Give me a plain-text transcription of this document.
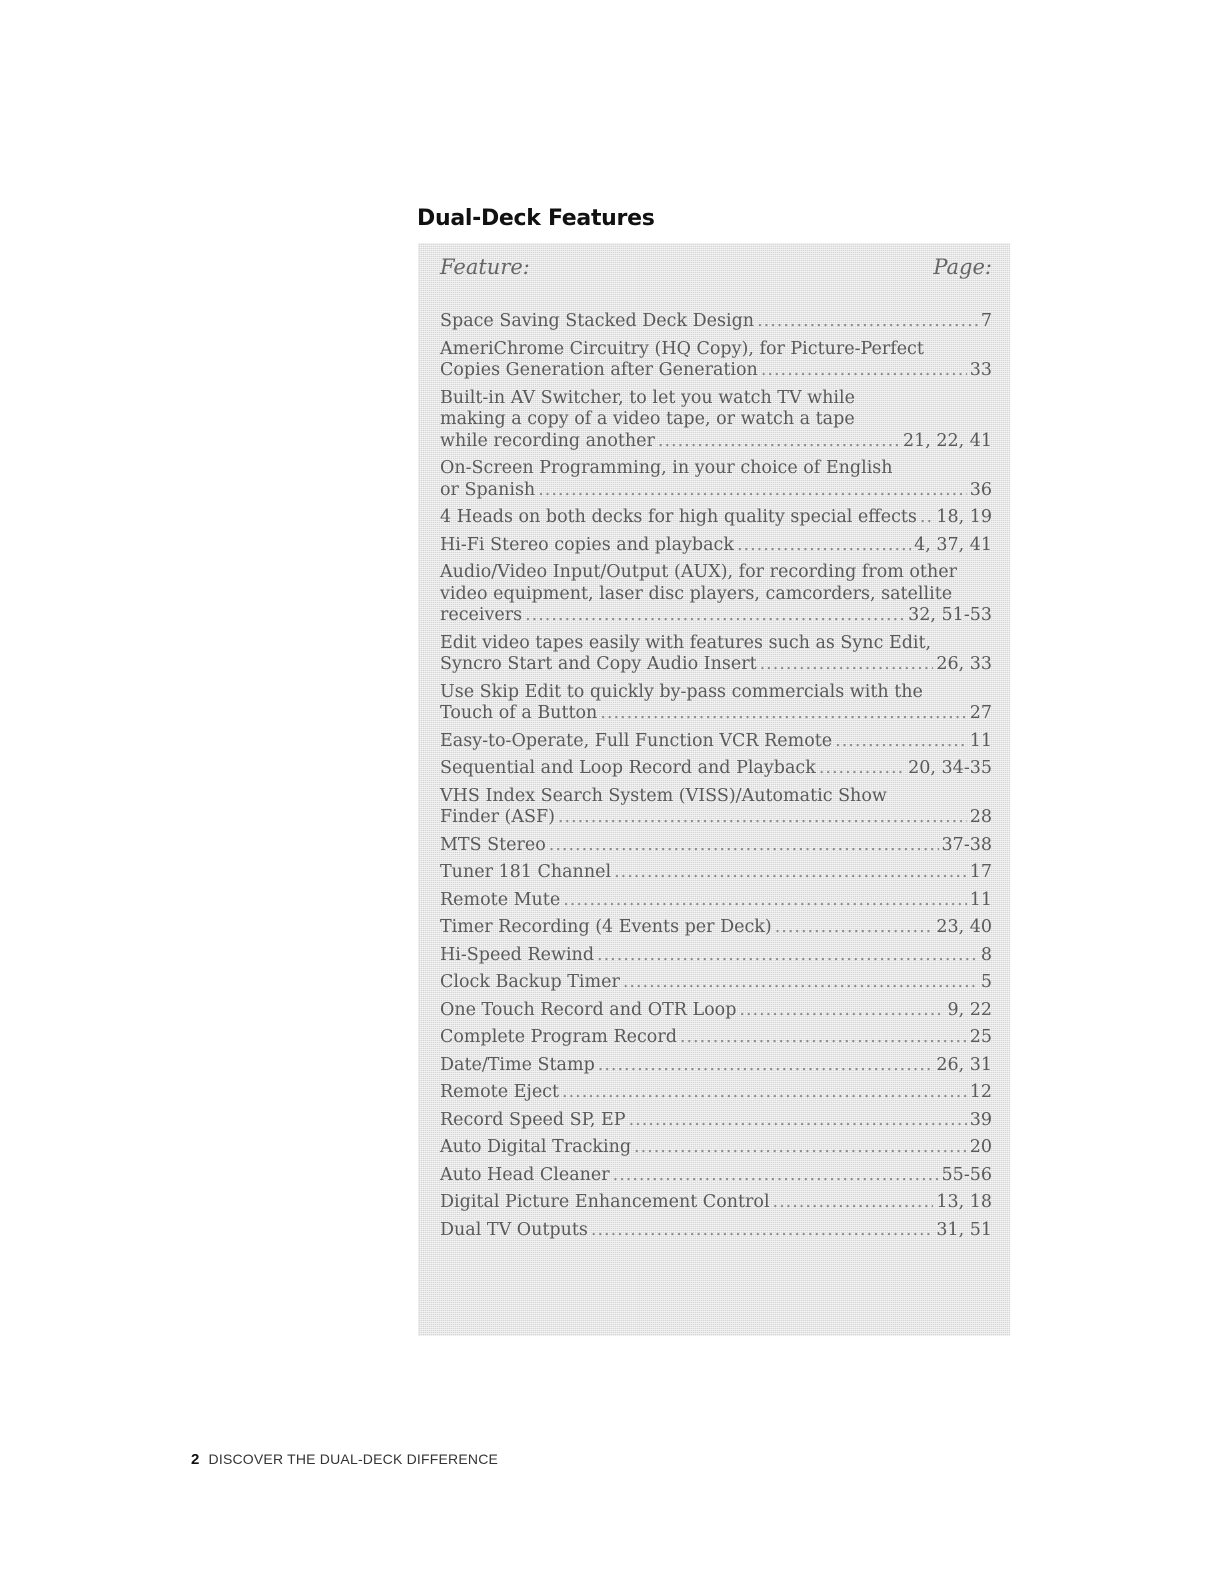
Dual-Deck Features
Feature:	Page:
Space Saving Stacked Deck Design .....	7
AmeriChrome Circuitry (HQ Copy), for Picture-Perfect
Copies Generation after Generation .....	33
Built-in AV Switcher, to let you watch TV while
making a copy of a video tape, or watch a tape
while recording another .....	21, 22, 41
On-Screen Programming, in your choice of English
or Spanish .....	36
4 Heads on both decks for high quality special effects ..... 18, 19
Hi-Fi Stereo copies and playback .....	4, 37, 41
Audio/Video Input/Output (AUX), for recording from other
video equipment, laser disc players, camcorders, satellite
receivers .....	32, 51-53
Edit video tapes easily with features such as Sync Edit,
Syncro Start and Copy Audio Insert .....	26, 33
Use Skip Edit to quickly by-pass commercials with the
Touch of a Button .....	27
Easy-to-Operate, Full Function VCR Remote .....	11
Sequential and Loop Record and Playback .....	20, 34-35
VHS Index Search System (VISS)/Automatic Show
Finder (ASF) .....	28
MTS Stereo .....	37-38
Tuner 181 Channel .....	17
Remote Mute .....	11
Timer Recording (4 Events per Deck) .....	23, 40
Hi-Speed Rewind .....	8
Clock Backup Timer .....	5
One Touch Record and OTR Loop .....	9, 22
Complete Program Record .....	25
Date/Time Stamp .....	26, 31
Remote Eject .....	12
Record Speed SP, EP .....	39
Auto Digital Tracking .....	20
Auto Head Cleaner .....	55-56
Digital Picture Enhancement Control .....	13, 18
Dual TV Outputs .....	31, 51
2 DISCOVER THE DUAL-DECK DIFFERENCE
